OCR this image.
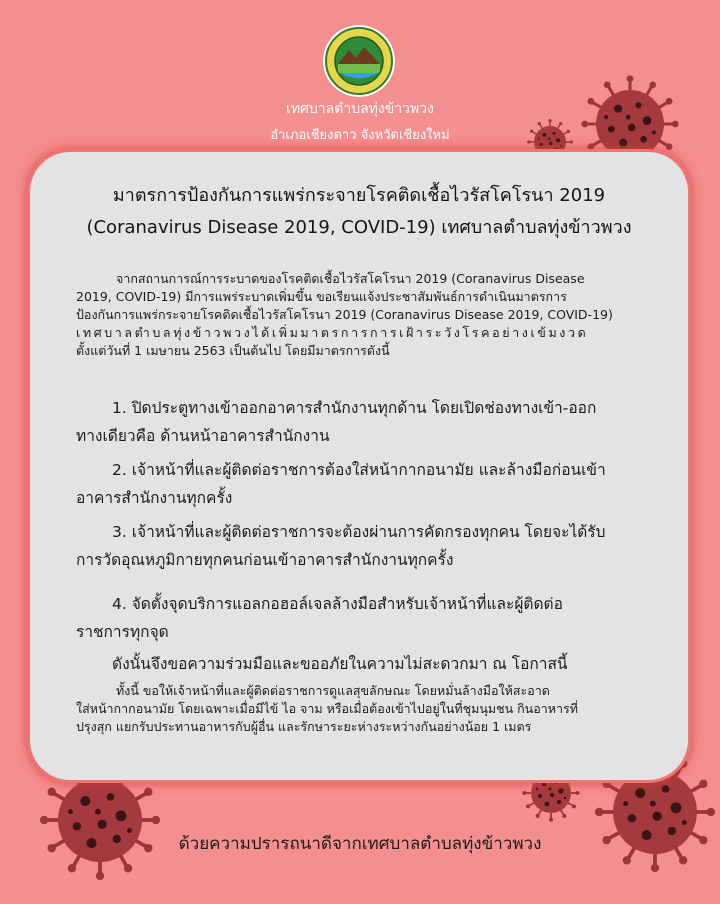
เทศบาลตำบลทุ่งข้าวพวง
อำเภอเชียงดาว จังหวัดเชียงใหม่
มาตรการป้องกันการแพร่กระจายโรคติดเชื้อไวรัสโคโรนา 2019
(Coranavirus Disease 2019, COVID-19) เทศบาลตำบลทุ่งข้าวพวง
จากสถานการณ์การระบาดของโรคติดเชื้อไวรัสโคโรนา 2019 (Coranavirus Disease
2019, COVID-19) มีการแพร่ระบาดเพิ่มขึ้น ขอเรียนแจ้งประชาสัมพันธ์การดำเนินมาตรการ
ป้องกันการแพร่กระจายโรคติดเชื้อไวรัสโคโรนา 2019 (Coranavirus Disease 2019, COVID-19)
เทศบาลตำบลทุ่งข้าวพวงได้เพิ่มมาตรการการเฝ้าระวังโรคอย่างเข้มงวด
ตั้งแต่วันที่ 1 เมษายน 2563 เป็นต้นไป โดยมีมาตรการดังนี้
1. ปิดประตูทางเข้าออกอาคารสำนักงานทุกด้าน โดยเปิดช่องทางเข้า-ออก
ทางเดียวคือ ด้านหน้าอาคารสำนักงาน
2. เจ้าหน้าที่และผู้ติดต่อราชการต้องใส่หน้ากากอนามัย และล้างมือก่อนเข้า
อาคารสำนักงานทุกครั้ง
3. เจ้าหน้าที่และผู้ติดต่อราชการจะต้องผ่านการคัดกรองทุกคน โดยจะได้รับ
การวัดอุณหภูมิกายทุกคนก่อนเข้าอาคารสำนักงานทุกครั้ง
4. จัดตั้งจุดบริการแอลกอฮอล์เจลล้างมือสำหรับเจ้าหน้าที่และผู้ติดต่อ
ราชการทุกจุด
ดังนั้นจึงขอความร่วมมือและขออภัยในความไม่สะดวกมา ณ โอกาสนี้
ทั้งนี้ ขอให้เจ้าหน้าที่และผู้ติดต่อราชการดูแลสุขลักษณะ โดยหมั่นล้างมือให้สะอาด
ใส่หน้ากากอนามัย โดยเฉพาะเมื่อมีไข้ ไอ จาม หรือเมื่อต้องเข้าไปอยู่ในที่ชุมนุมชน กินอาหารที่
ปรุงสุก แยกรับประทานอาหารกับผู้อื่น และรักษาระยะห่างระหว่างกันอย่างน้อย 1 เมตร
ด้วยความปรารถนาดีจากเทศบาลตำบลทุ่งข้าวพวง
